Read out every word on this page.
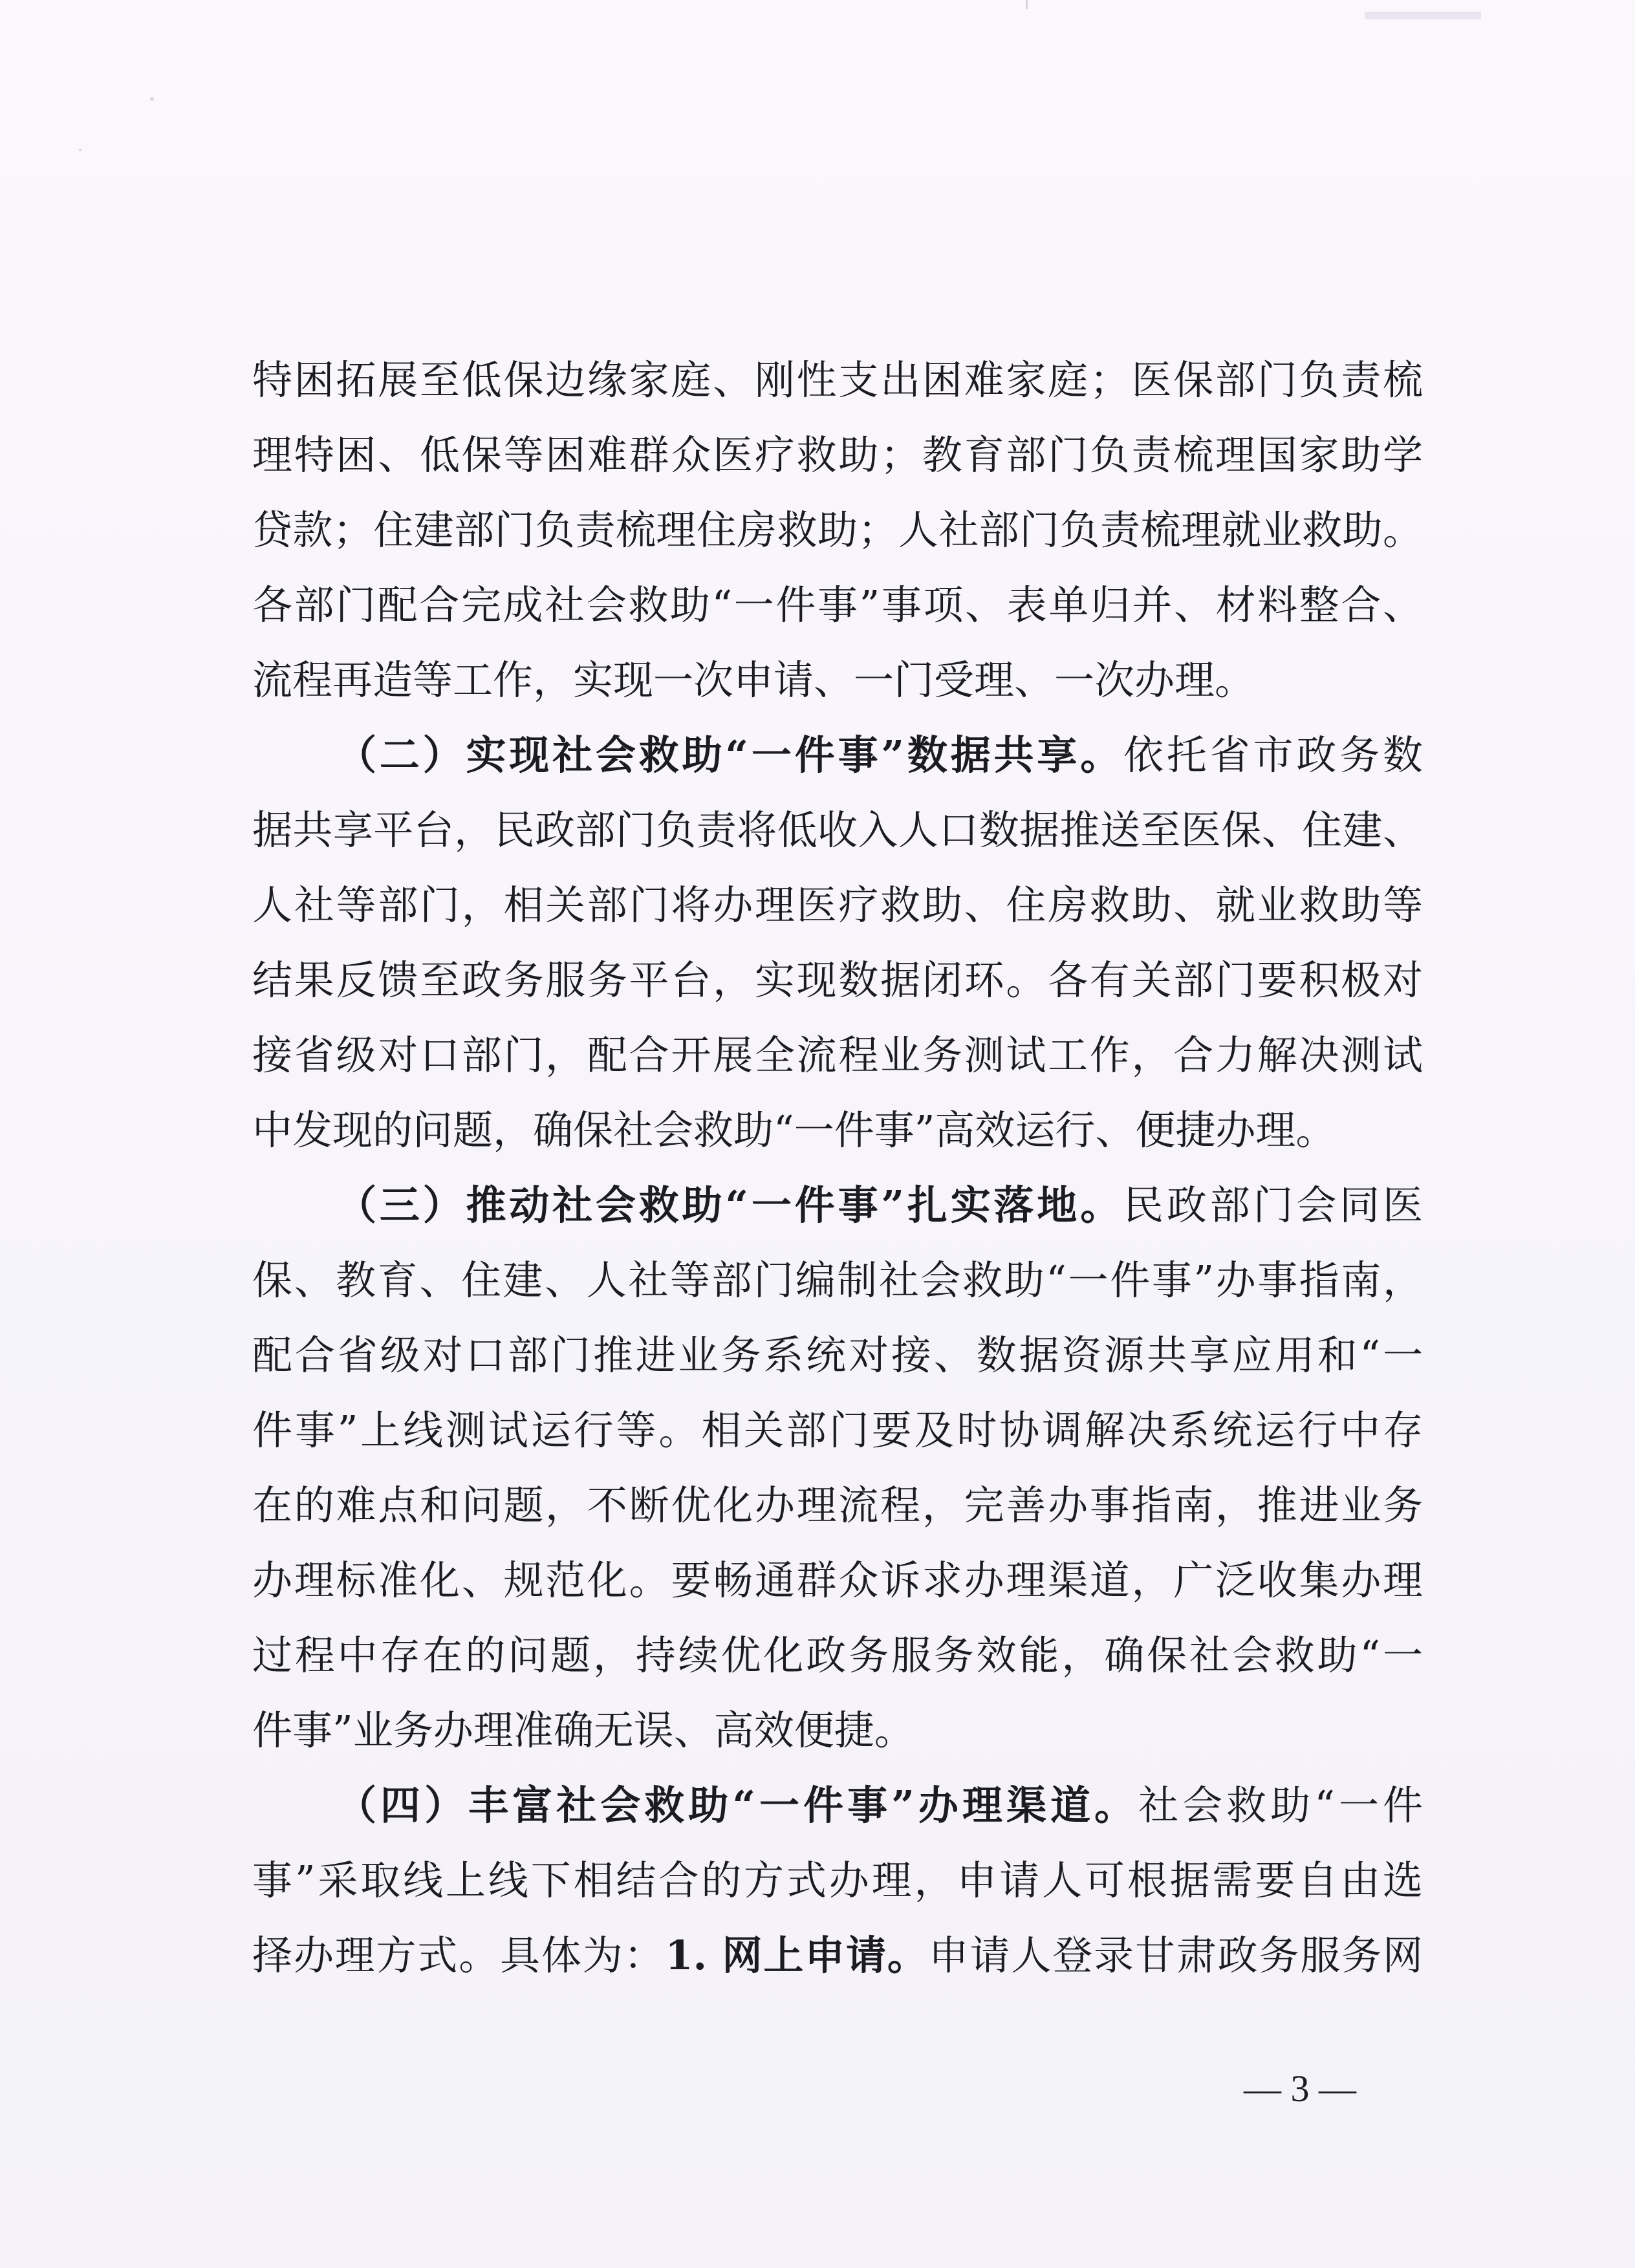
特困拓展至低保边缘家庭、刚性支出困难家庭；医保部门负责梳
理特困、低保等困难群众医疗救助；教育部门负责梳理国家助学
贷款；住建部门负责梳理住房救助；人社部门负责梳理就业救助。
各部门配合完成社会救助“一件事”事项、表单归并、材料整合、
流程再造等工作，实现一次申请、一门受理、一次办理。
（二）实现社会救助“一件事”数据共享。依托省市政务数
据共享平台，民政部门负责将低收入人口数据推送至医保、住建、
人社等部门，相关部门将办理医疗救助、住房救助、就业救助等
结果反馈至政务服务平台，实现数据闭环。各有关部门要积极对
接省级对口部门，配合开展全流程业务测试工作，合力解决测试
中发现的问题，确保社会救助“一件事”高效运行、便捷办理。
（三）推动社会救助“一件事”扎实落地。民政部门会同医
保、教育、住建、人社等部门编制社会救助“一件事”办事指南，
配合省级对口部门推进业务系统对接、数据资源共享应用和“一
件事”上线测试运行等。相关部门要及时协调解决系统运行中存
在的难点和问题，不断优化办理流程，完善办事指南，推进业务
办理标准化、规范化。要畅通群众诉求办理渠道，广泛收集办理
过程中存在的问题，持续优化政务服务效能，确保社会救助“一
件事”业务办理准确无误、高效便捷。
（四）丰富社会救助“一件事”办理渠道。社会救助“一件
事”采取线上线下相结合的方式办理，申请人可根据需要自由选
择办理方式。具体为：1. 网上申请。申请人登录甘肃政务服务网
— 3 —
